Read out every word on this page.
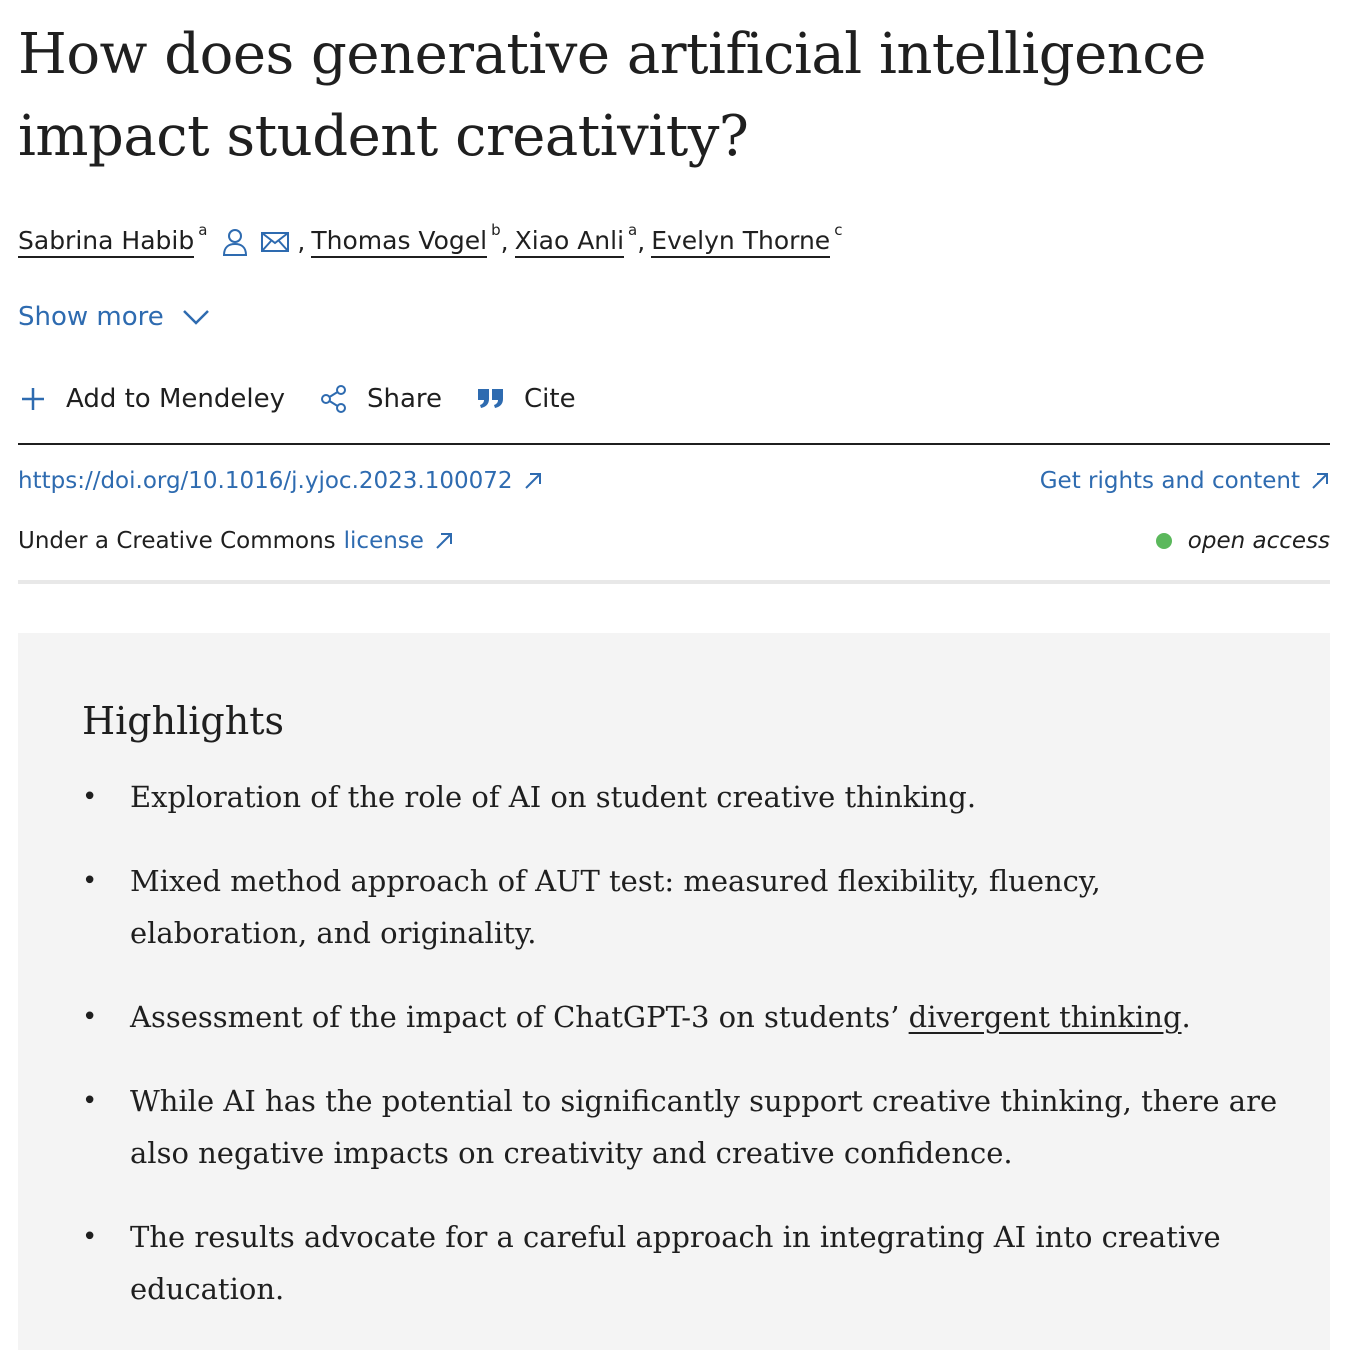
How does generative artificial intelligence impact student creativity?
Sabrina Habib a	, Thomas Vogel b , Xiao Anli a , Evelyn Thorne c
Show more
Add to Mendeley	Share	Cite
https://doi.org/10.1016/j.yjoc.2023.100072	Get rights and content
Under a Creative Commons license	open access
Highlights
• Exploration of the role of AI on student creative thinking.
• Mixed method approach of AUT test: measured flexibility, fluency, elaboration, and originality.
• Assessment of the impact of ChatGPT-3 on students’ divergent thinking.
• While AI has the potential to significantly support creative thinking, there are also negative impacts on creativity and creative confidence.
• The results advocate for a careful approach in integrating AI into creative education.
